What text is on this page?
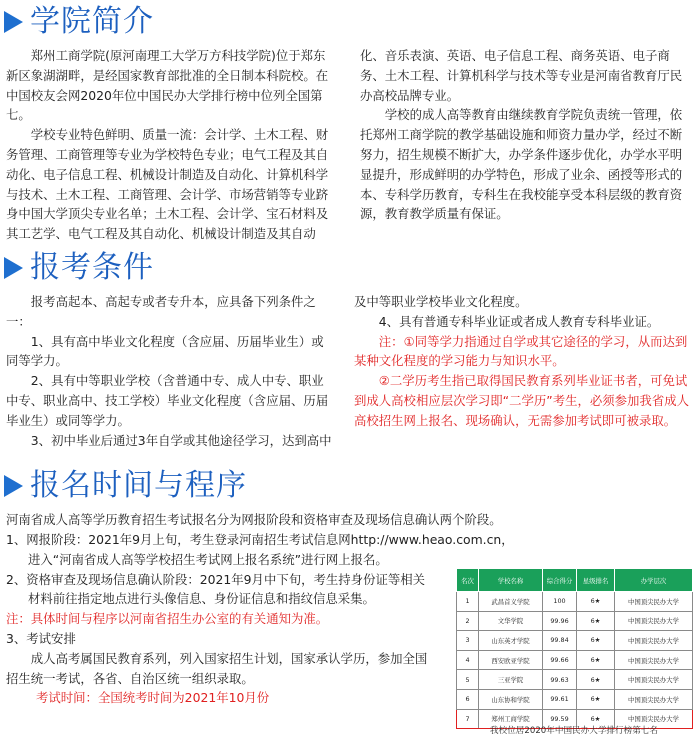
学院简介

郑州工商学院(原河南理工大学万方科技学院)位于郑东新区象湖湖畔，是经国家教育部批准的全日制本科院校。在中国校友会网2020年位中国民办大学排行榜中位列全国第七。

学校专业特色鲜明、质量一流：会计学、土木工程、财务管理、工商管理等专业为学校特色专业；电气工程及其自动化、电子信息工程、机械设计制造及自动化、计算机科学与技术、土木工程、工商管理、会计学、市场营销等专业跻身中国大学顶尖专业名单；土木工程、会计学、宝石材料及其工艺学、电气工程及其自动化、机械设计制造及其自动

化、音乐表演、英语、电子信息工程、商务英语、电子商务、土木工程、计算机科学与技术等专业是河南省教育厅民办高校品牌专业。

学校的成人高等教育由继续教育学院负责统一管理，依托郑州工商学院的教学基础设施和师资力量办学，经过不断努力，招生规模不断扩大，办学条件逐步优化，办学水平明显提升，形成鲜明的办学特色，形成了业余、函授等形式的本、专科学历教育，专科生在我校能享受本科层级的教育资源，教育教学质量有保证。

报考条件

报考高起本、高起专或者专升本，应具备下列条件之一：

1、具有高中毕业文化程度（含应届、历届毕业生）或同等学力。

2、具有中等职业学校（含普通中专、成人中专、职业中专、职业高中、技工学校）毕业文化程度（含应届、历届毕业生）或同等学力。

3、初中毕业后通过3年自学或其他途径学习，达到高中

及中等职业学校毕业文化程度。

4、具有普通专科毕业证或者成人教育专科毕业证。

注：①同等学力指通过自学或其它途径的学习，从而达到某种文化程度的学习能力与知识水平。

②二学历考生指已取得国民教育系列毕业证书者，可免试到成人高校相应层次学习即“二学历”考生，必须参加我省成人高校招生网上报名、现场确认，无需参加考试即可被录取。

报名时间与程序
河南省成人高等学历教育招生考试报名分为网报阶段和资格审查及现场信息确认两个阶段。

1、网报阶段：2021年9月上旬，考生登录河南招生考试信息网http://www.heao.com.cn，

进入“河南省成人高等学校招生考试网上报名系统”进行网上报名。

2、资格审查及现场信息确认阶段：2021年9月中下旬，考生持身份证等相关

材料前往指定地点进行头像信息、身份证信息和指纹信息采集。

注：具体时间与程序以河南省招生办公室的有关通知为准。

3、考试安排

成人高考属国民教育系列，列入国家招生计划，国家承认学历，参加全国招生统一考试，各省、自治区统一组织录取。

考试时间：全国统考时间为2021年10月份

名次	学校名称	综合得分	星级排名	办学层次
1	武昌首义学院	100	6★	中国顶尖民办大学
2	文华学院	99.96	6★	中国顶尖民办大学
3	山东英才学院	99.84	6★	中国顶尖民办大学
4	西安欧亚学院	99.66	6★	中国顶尖民办大学
5	三亚学院	99.63	6★	中国顶尖民办大学
6	山东协和学院	99.61	6★	中国顶尖民办大学
7	郑州工商学院	99.59	6★	中国顶尖民办大学
我校位居2020年中国民办大学排行榜第七名
